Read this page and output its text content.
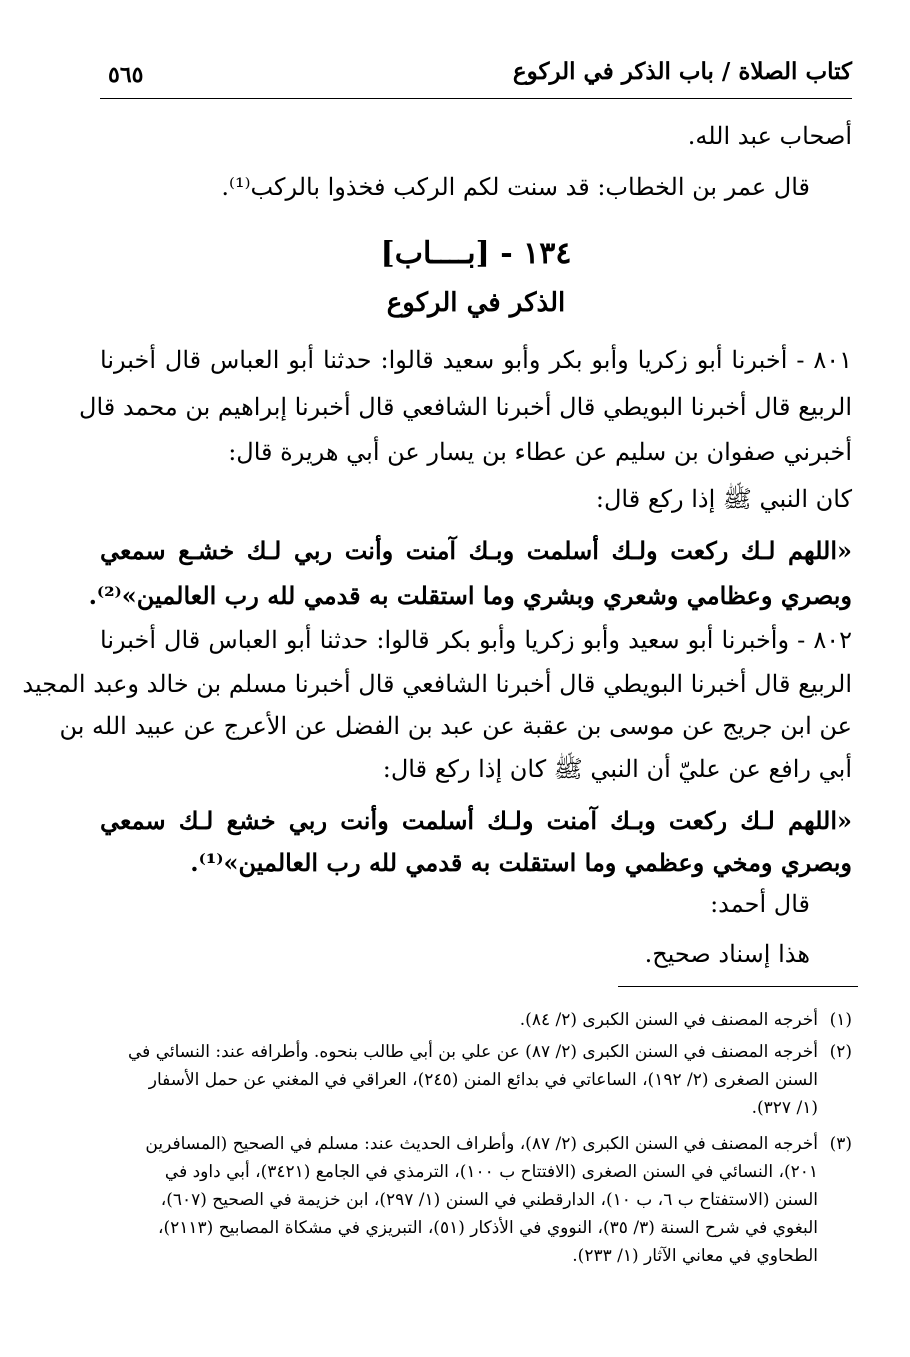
كتاب الصلاة / باب الذكر في الركوع
٥٦٥
أصحاب عبد الله.
قال عمر بن الخطاب: قد سنت لكم الركب فخذوا بالركب⁽¹⁾.
١٣٤ - [بــــاب]
الذكر في الركوع
٨٠١ - أخبرنا أبو زكريا وأبو بكر وأبو سعيد قالوا: حدثنا أبو العباس قال أخبرنا
الربيع قال أخبرنا البويطي قال أخبرنا الشافعي قال أخبرنا إبراهيم بن محمد قال
أخبرني صفوان بن سليم عن عطاء بن يسار عن أبي هريرة قال:
كان النبي ﷺ إذا ركع قال:
«اللهم لـك ركعت ولـك أسلمت وبـك آمنت وأنت ربي لـك خشـع سمعي
وبصري وعظامي وشعري وبشري وما استقلت به قدمي لله رب العالمين»⁽²⁾.
٨٠٢ - وأخبرنا أبو سعيد وأبو زكريا وأبو بكر قالوا: حدثنا أبو العباس قال أخبرنا
الربيع قال أخبرنا البويطي قال أخبرنا الشافعي قال أخبرنا مسلم بن خالد وعبد المجيد
عن ابن جريج عن موسى بن عقبة عن عبد بن الفضل عن الأعرج عن عبيد الله بن
أبي رافع عن عليّ أن النبي ﷺ كان إذا ركع قال:
«اللهم لـك ركعت وبـك آمنت ولـك أسلمت وأنت ربي خشع لـك سمعي
وبصري ومخي وعظمي وما استقلت به قدمي لله رب العالمين»⁽¹⁾.
قال أحمد:
هذا إسناد صحيح.
(١)
أخرجه المصنف في السنن الكبرى (٢/ ٨٤).
(٢)
أخرجه المصنف في السنن الكبرى (٢/ ٨٧) عن علي بن أبي طالب بنحوه. وأطرافه عند: النسائي في
السنن الصغرى (٢/ ١٩٢)، الساعاتي في بدائع المنن (٢٤٥)، العراقي في المغني عن حمل الأسفار
(١/ ٣٢٧).
(٣)
أخرجه المصنف في السنن الكبرى (٢/ ٨٧)، وأطراف الحديث عند: مسلم في الصحيح (المسافرين
٢٠١)، النسائي في السنن الصغرى (الافتتاح ب ١٠٠)، الترمذي في الجامع (٣٤٢١)، أبي داود في
السنن (الاستفتاح ب ٦، ب ١٠)، الدارقطني في السنن (١/ ٢٩٧)، ابن خزيمة في الصحيح (٦٠٧)،
البغوي في شرح السنة (٣/ ٣٥)، النووي في الأذكار (٥١)، التبريزي في مشكاة المصابيح (٢١١٣)،
الطحاوي في معاني الآثار (١/ ٢٣٣).
